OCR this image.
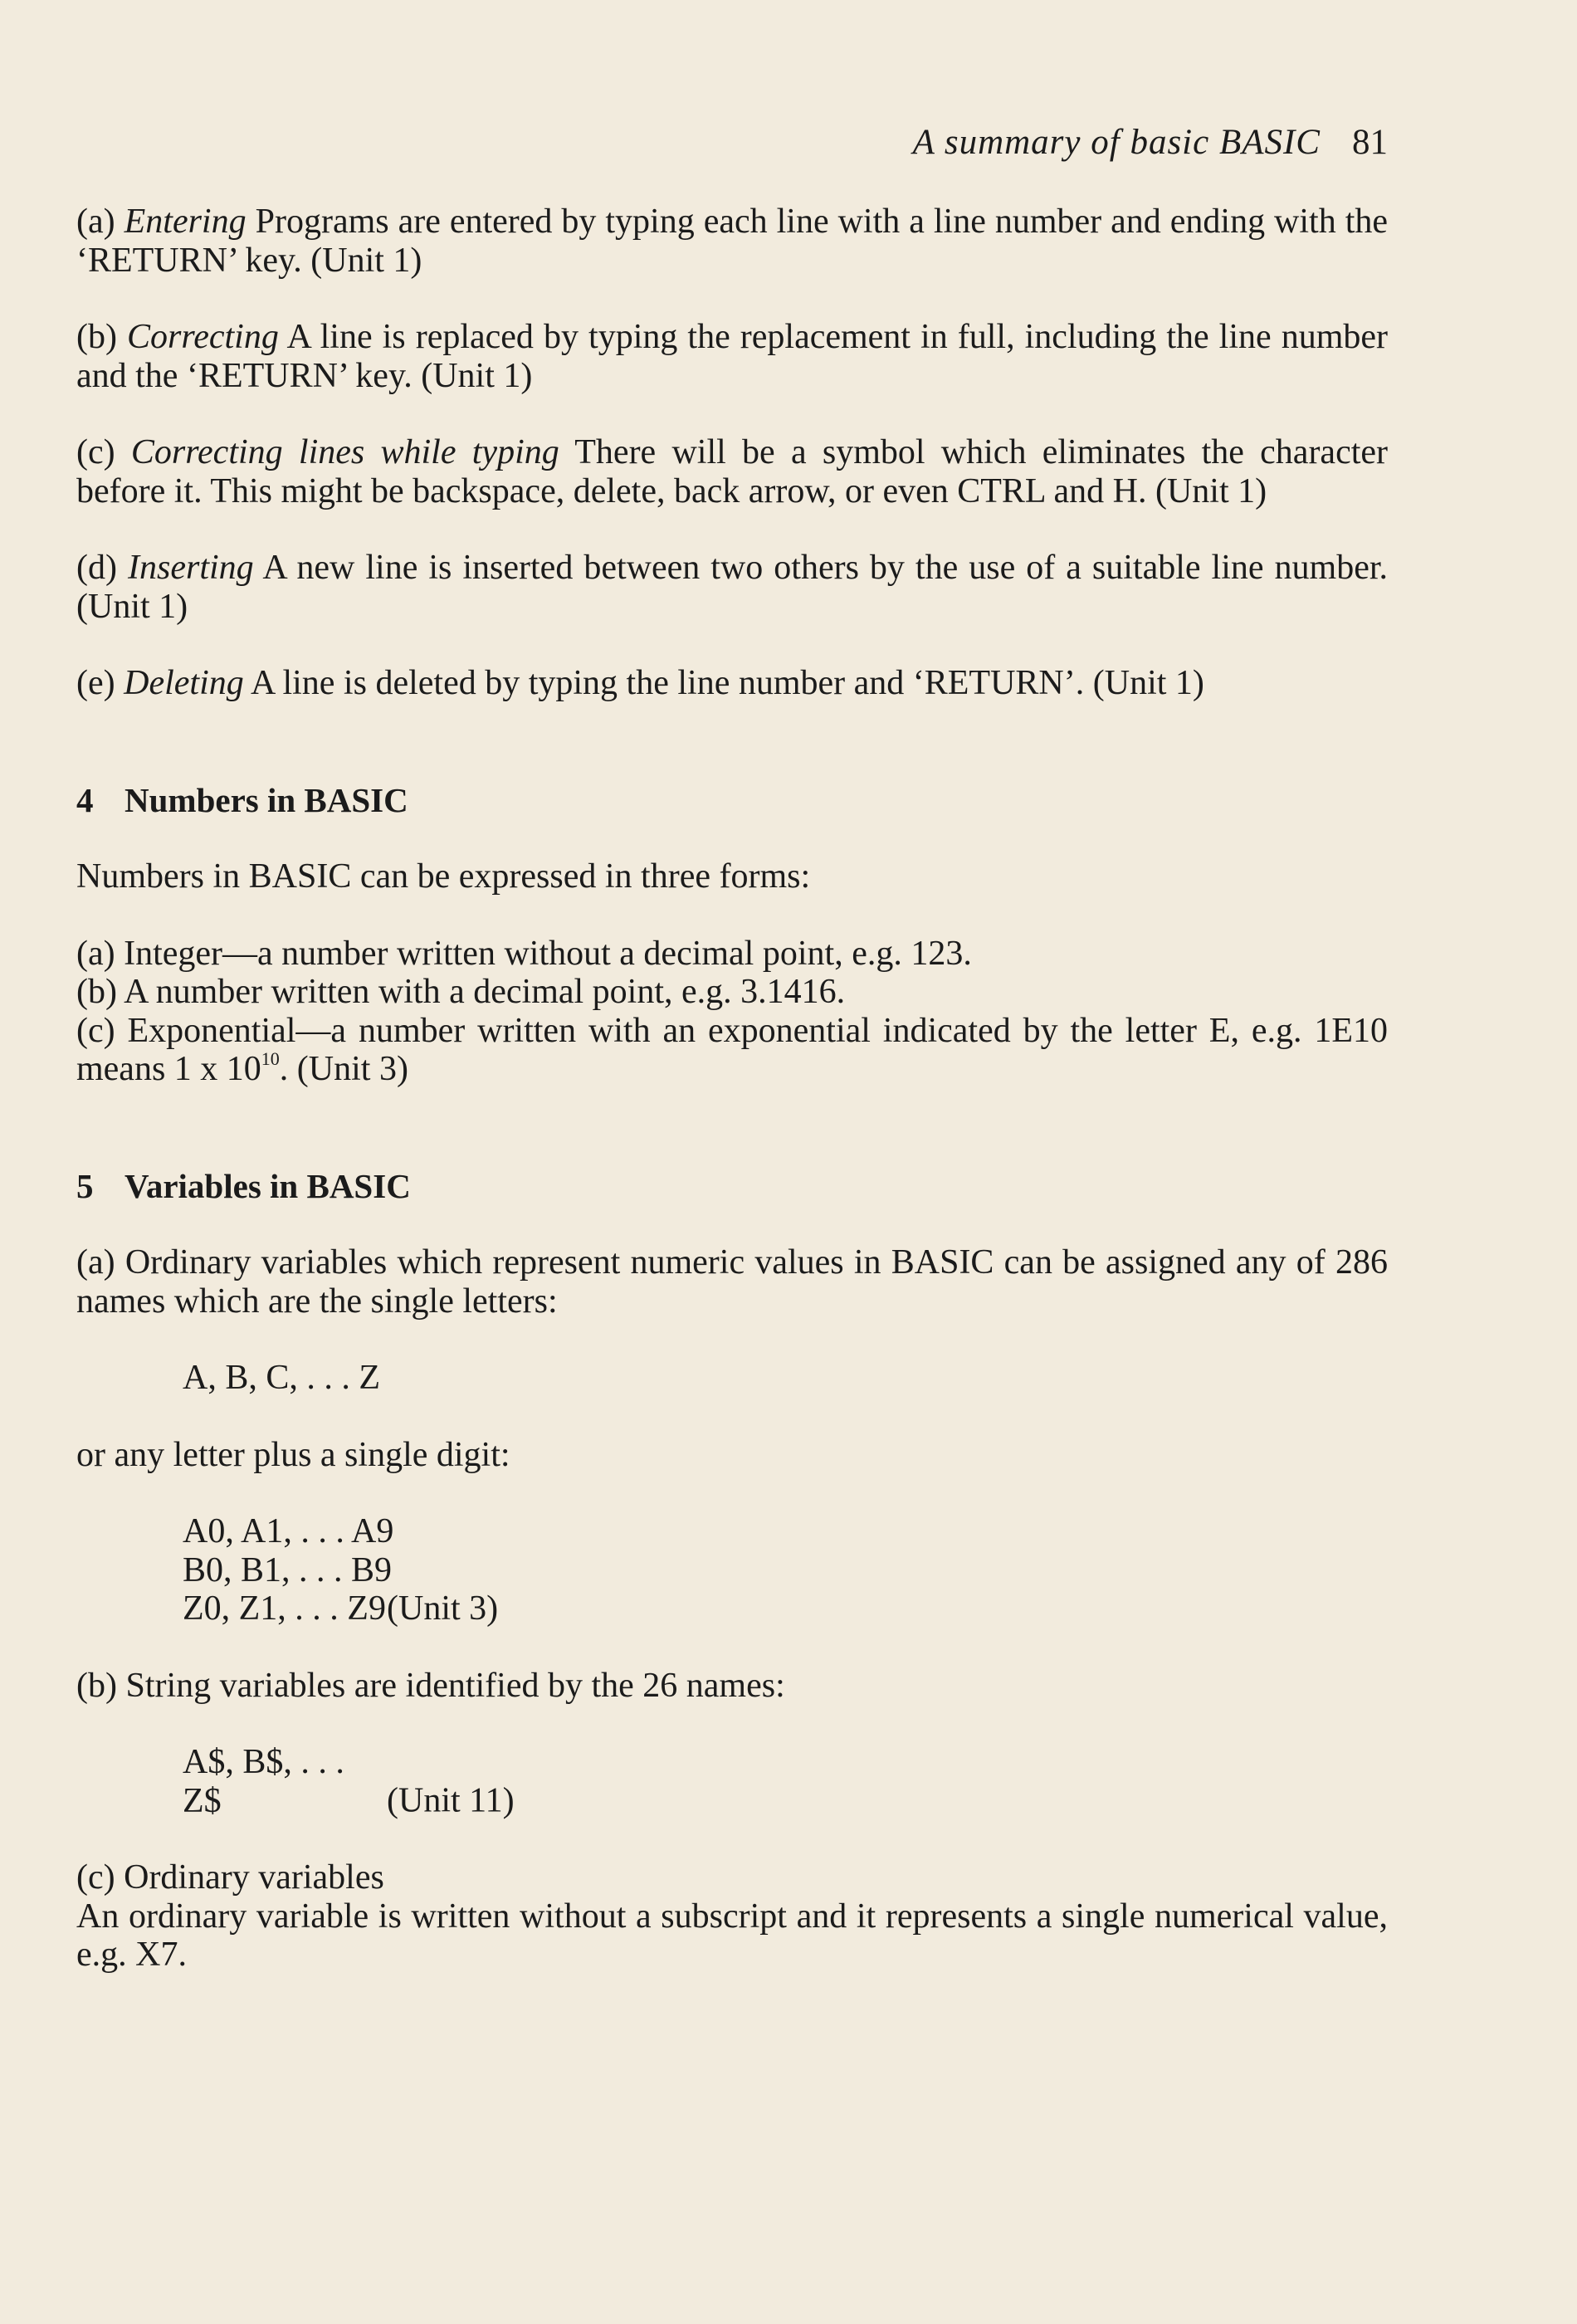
A summary of basic BASIC 81

(a) Entering Programs are entered by typing each line with a line number and ending with the ‘RETURN’ key. (Unit 1)

(b) Correcting A line is replaced by typing the replacement in full, including the line number and the ‘RETURN’ key. (Unit 1)

(c) Correcting lines while typing There will be a symbol which eliminates the character before it. This might be backspace, delete, back arrow, or even CTRL and H. (Unit 1)

(d) Inserting A new line is inserted between two others by the use of a suitable line number. (Unit 1)

(e) Deleting A line is deleted by typing the line number and ‘RETURN’. (Unit 1)

4 Numbers in BASIC

Numbers in BASIC can be expressed in three forms:

(a) Integer—a number written without a decimal point, e.g. 123.

(b) A number written with a decimal point, e.g. 3.1416.

(c) Exponential—a number written with an exponential indicated by the letter E, e.g. 1E10 means 1 x $10^{10}$. (Unit 3)

5 Variables in BASIC

(a) Ordinary variables which represent numeric values in BASIC can be assigned any of 286 names which are the single letters:

A, B, C, . . . Z

or any letter plus a single digit:

A0, A1, . . . A9

B0, B1, . . . B9

Z0, Z1, . . . Z9(Unit 3)

(b) String variables are identified by the 26 names:

A$, B$, . . . Z$	(Unit 11)

(c) Ordinary variables

An ordinary variable is written without a subscript and it represents a single numerical value, e.g. X7.
